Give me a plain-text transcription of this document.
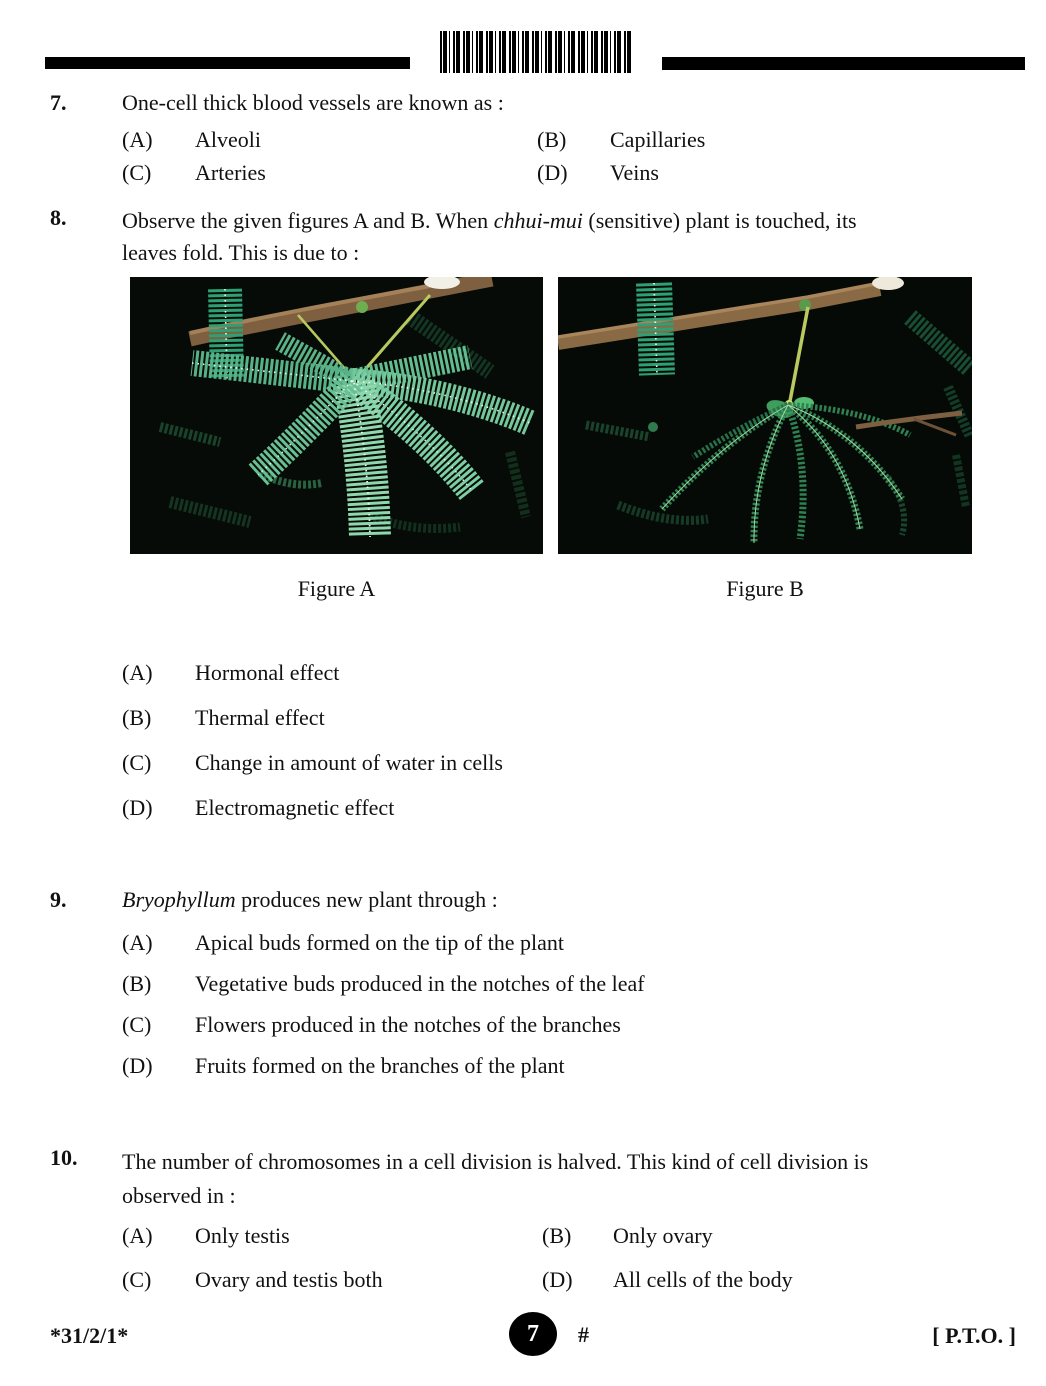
7.	One-cell thick blood vessels are known as :
(A) Alveoli	(B) Capillaries
(C) Arteries	(D) Veins
8.	Observe the given figures A and B. When chhui-mui (sensitive) plant is touched, its leaves fold. This is due to :
Figure A	Figure B
(A) Hormonal effect
(B) Thermal effect
(C) Change in amount of water in cells
(D) Electromagnetic effect
9.	Bryophyllum produces new plant through :
(A) Apical buds formed on the tip of the plant
(B) Vegetative buds produced in the notches of the leaf
(C) Flowers produced in the notches of the branches
(D) Fruits formed on the branches of the plant
10. The number of chromosomes in a cell division is halved. This kind of cell division is observed in :
(A) Only testis	(B) Only ovary
(C) Ovary and testis both	(D) All cells of the body
*31/2/1*	7 #	[ P.T.O. ]
